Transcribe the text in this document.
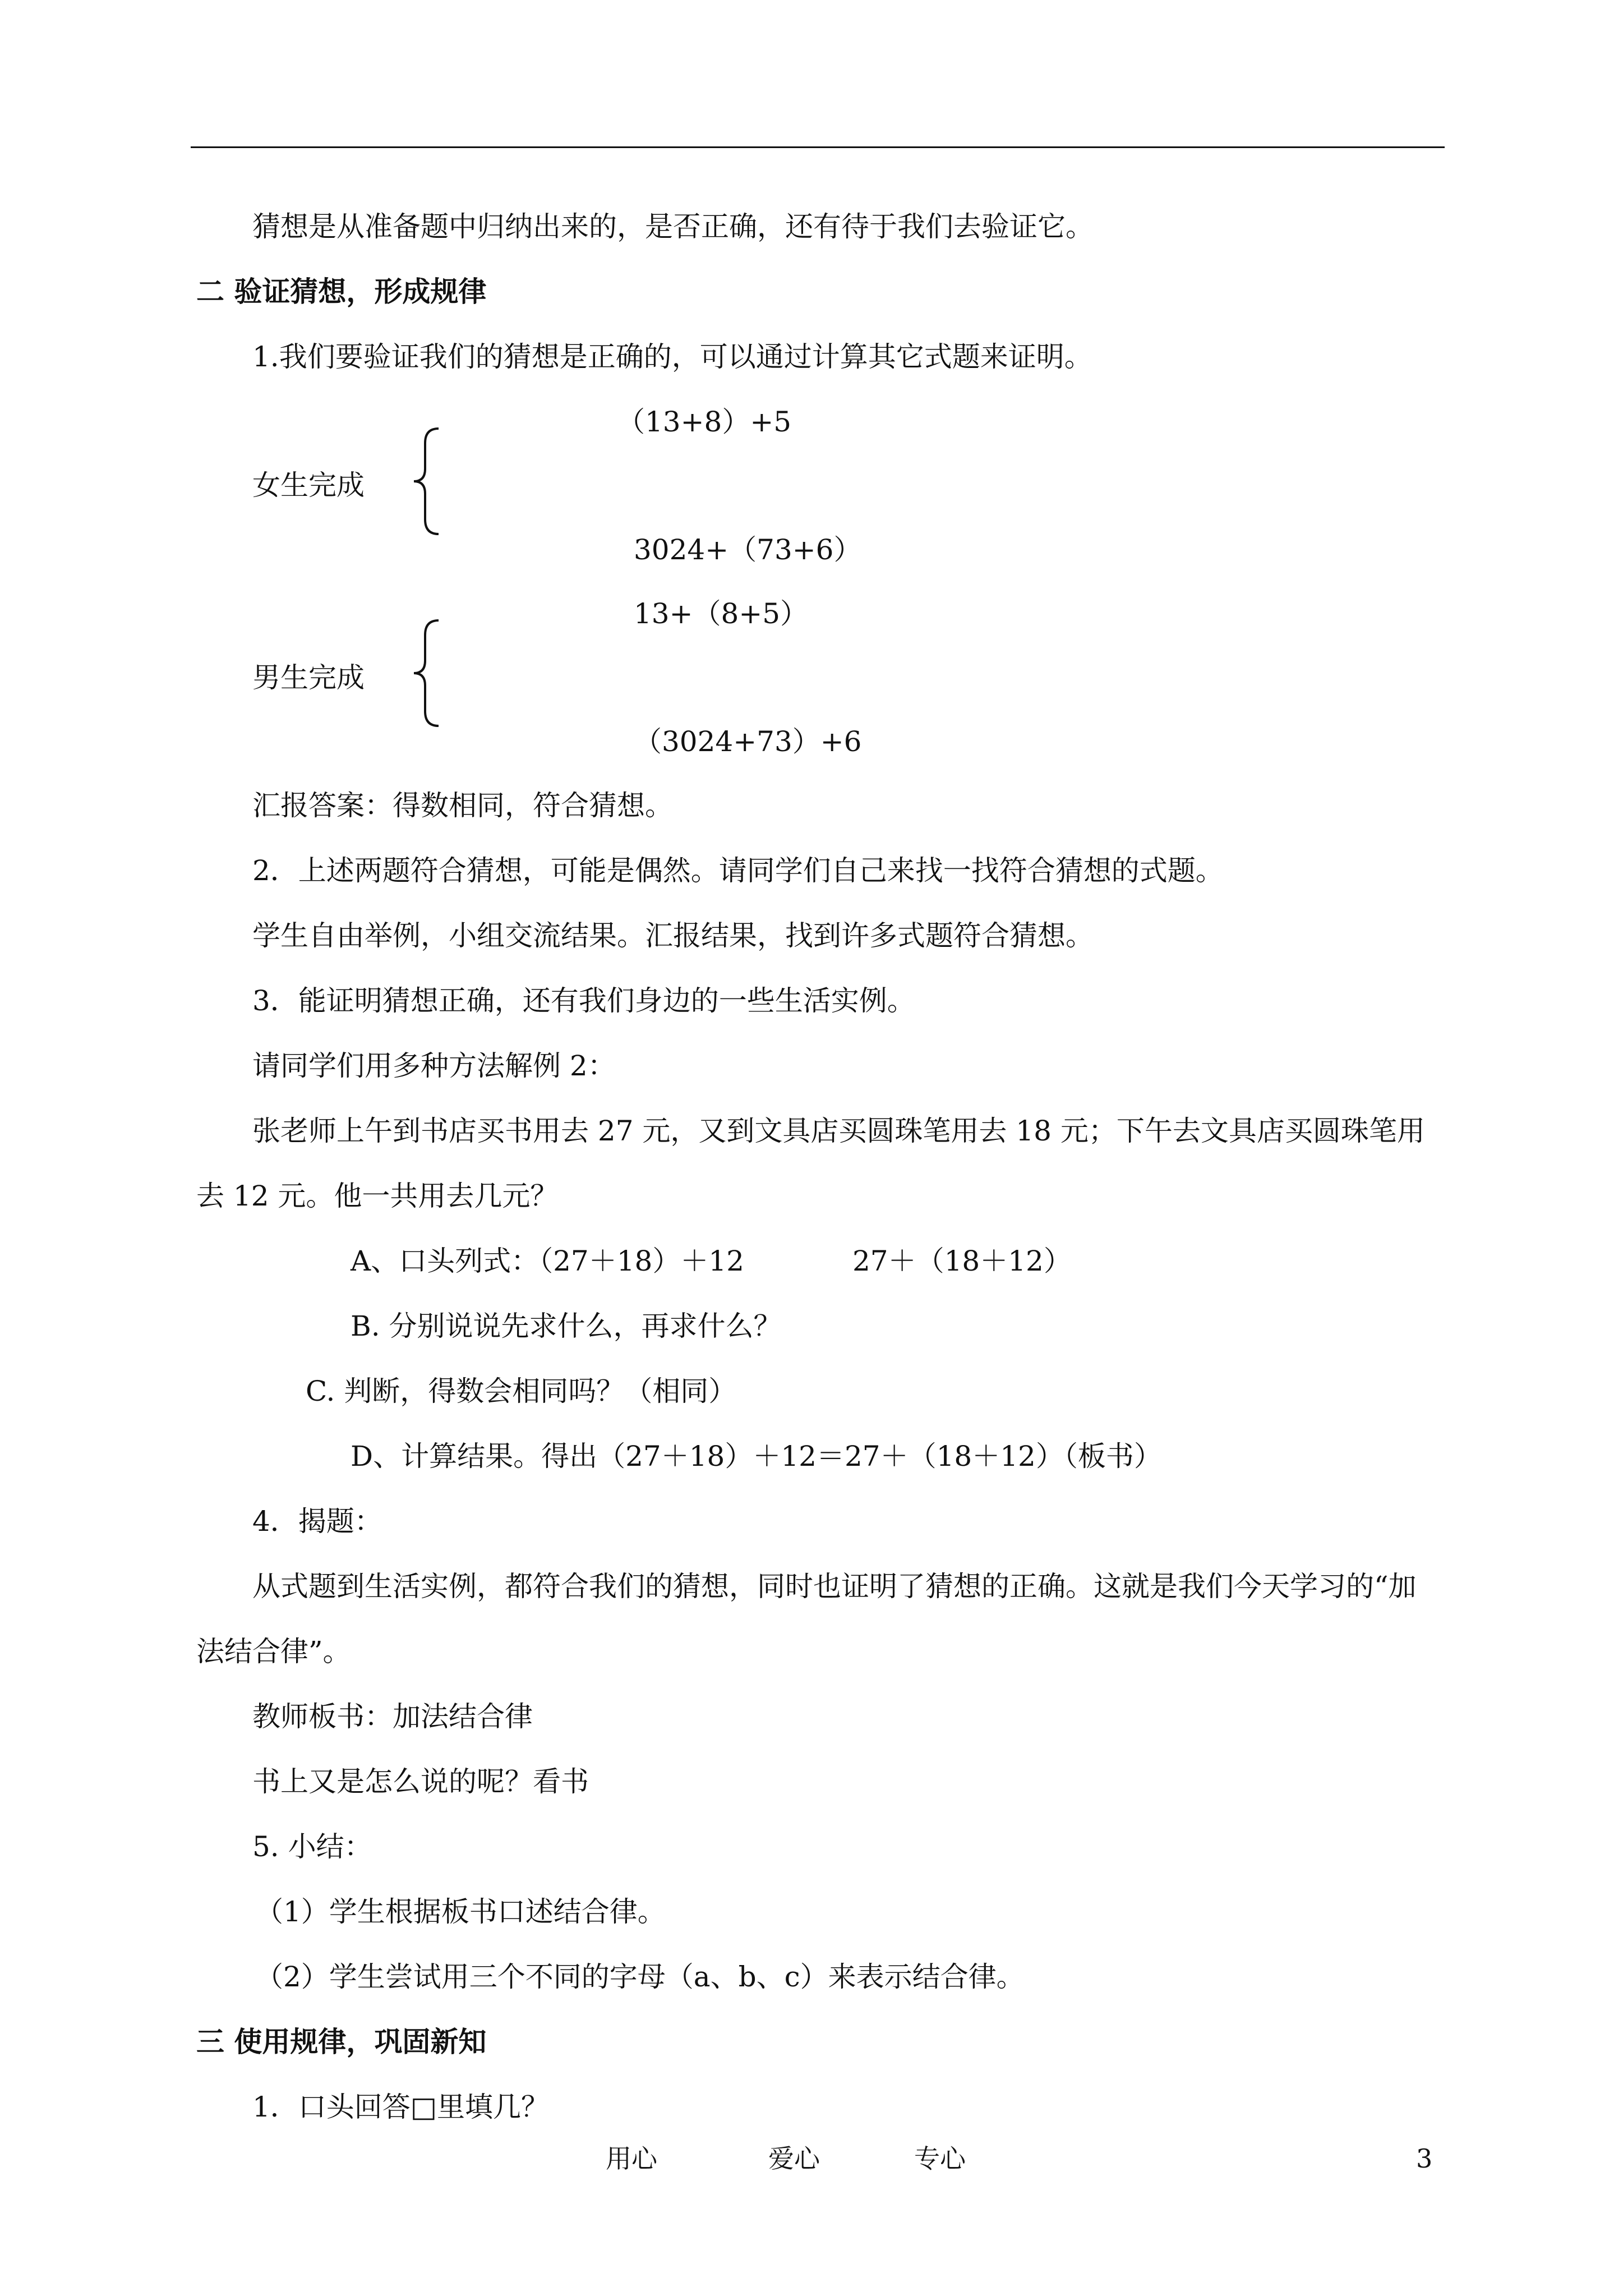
猜想是从准备题中归纳出来的，是否正确，还有待于我们去验证它。
二 验证猜想，形成规律
1.我们要验证我们的猜想是正确的，可以通过计算其它式题来证明。
（13+8）+5
女生完成
3024+（73+6）
13+（8+5）
男生完成
（3024+73）+6
汇报答案：得数相同，符合猜想。
2．上述两题符合猜想，可能是偶然。请同学们自己来找一找符合猜想的式题。
学生自由举例，小组交流结果。汇报结果，找到许多式题符合猜想。
3．能证明猜想正确，还有我们身边的一些生活实例。
请同学们用多种方法解例 2：
张老师上午到书店买书用去 27 元，又到文具店买圆珠笔用去 18 元；下午去文具店买圆珠笔用
去 12 元。他一共用去几元？
A、口头列式：（27＋18）＋12	27＋（18＋12）
B. 分别说说先求什么，再求什么？
C. 判断，得数会相同吗？（相同）
D、计算结果。得出（27＋18）＋12＝27＋（18＋12）（板书）
4．揭题：
从式题到生活实例，都符合我们的猜想，同时也证明了猜想的正确。这就是我们今天学习的“加
法结合律”。
教师板书：加法结合律
书上又是怎么说的呢？看书
5. 小结：
（1）学生根据板书口述结合律。
（2）学生尝试用三个不同的字母（a、b、c）来表示结合律。
三 使用规律，巩固新知
1．口头回答□里填几？
用心	爱心	专心	3
